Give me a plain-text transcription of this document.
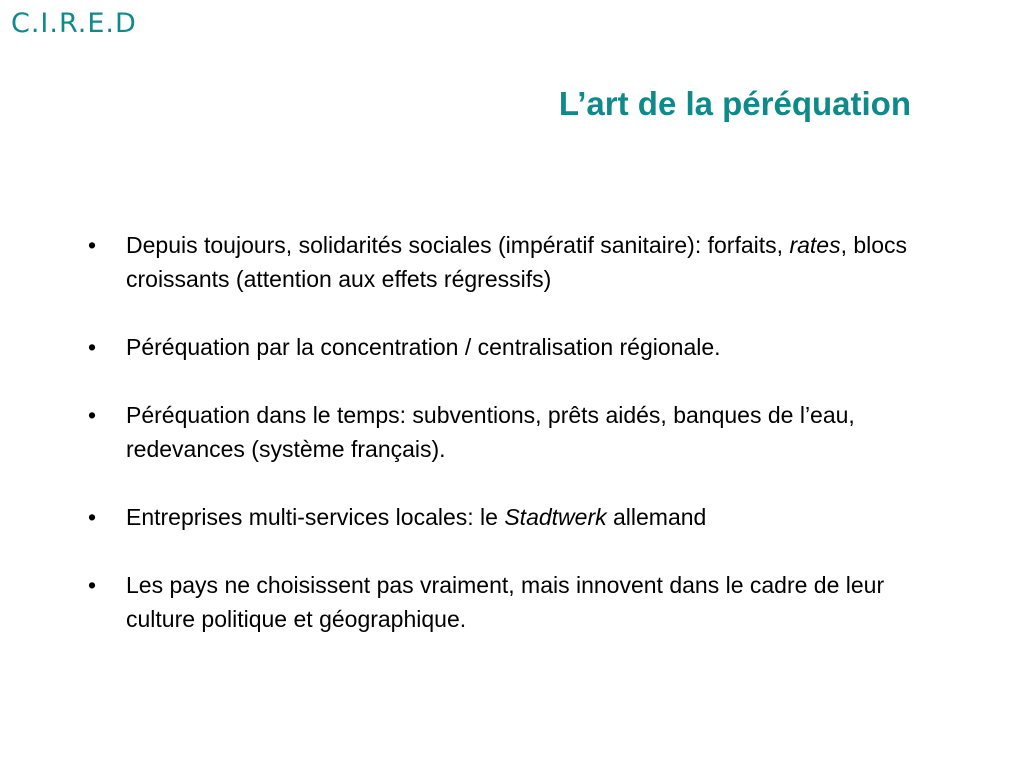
C.I.R.E.D
L’art de la péréquation
• Depuis toujours, solidarités sociales (impératif sanitaire): forfaits, rates, blocs croissants (attention aux effets régressifs)
• Péréquation par la concentration / centralisation régionale.
• Péréquation dans le temps: subventions, prêts aidés, banques de l’eau, redevances (système français).
• Entreprises multi-services locales: le Stadtwerk allemand
• Les pays ne choisissent pas vraiment, mais innovent dans le cadre de leur culture politique et géographique.
